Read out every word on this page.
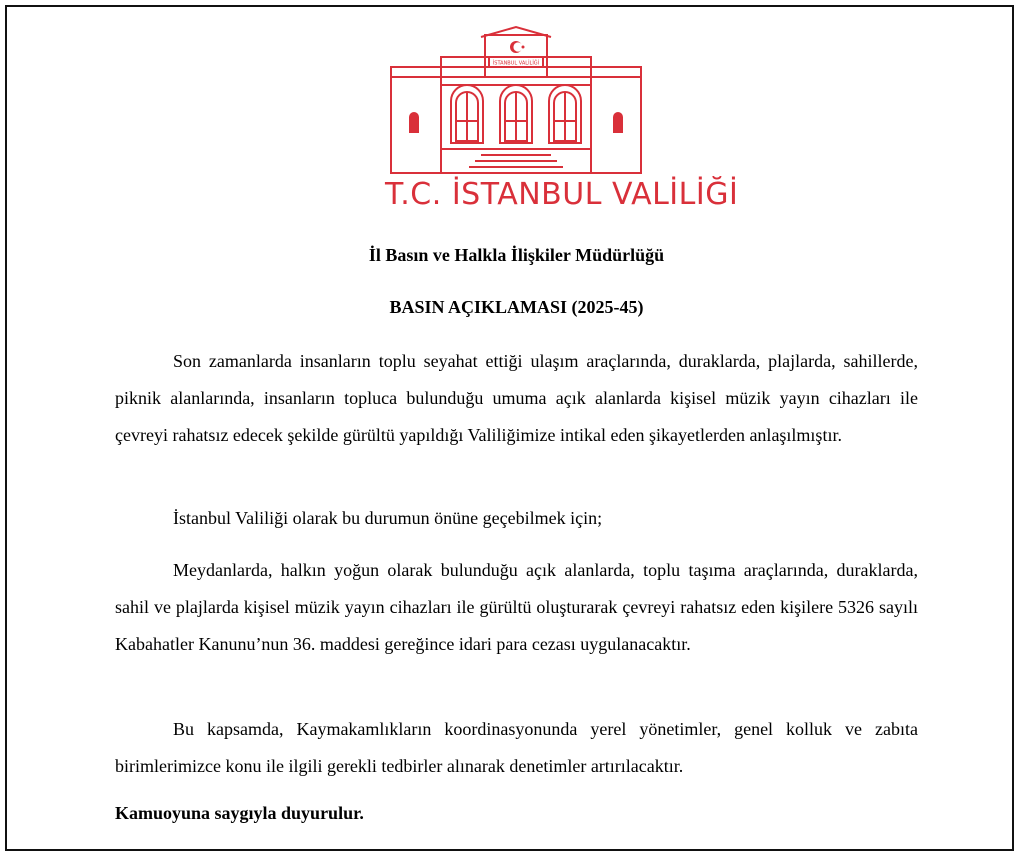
İSTANBUL VALİLİĞİ
T.C. İSTANBUL VALİLİĞİ

İl Basın ve Halkla İlişkiler Müdürlüğü

BASIN AÇIKLAMASI (2025-45)

Son zamanlarda insanların toplu seyahat ettiği ulaşım araçlarında, duraklarda, plajlarda, sahillerde, piknik alanlarında, insanların topluca bulunduğu umuma açık alanlarda kişisel müzik yayın cihazları ile çevreyi rahatsız edecek şekilde gürültü yapıldığı Valiliğimize intikal eden şikayetlerden anlaşılmıştır.

İstanbul Valiliği olarak bu durumun önüne geçebilmek için;

Meydanlarda, halkın yoğun olarak bulunduğu açık alanlarda, toplu taşıma araçlarında, duraklarda, sahil ve plajlarda kişisel müzik yayın cihazları ile gürültü oluşturarak çevreyi rahatsız eden kişilere 5326 sayılı Kabahatler Kanunu’nun 36. maddesi gereğince idari para cezası uygulanacaktır.

Bu kapsamda, Kaymakamlıkların koordinasyonunda yerel yönetimler, genel kolluk ve zabıta birimlerimizce konu ile ilgili gerekli tedbirler alınarak denetimler artırılacaktır.

Kamuoyuna saygıyla duyurulur.
